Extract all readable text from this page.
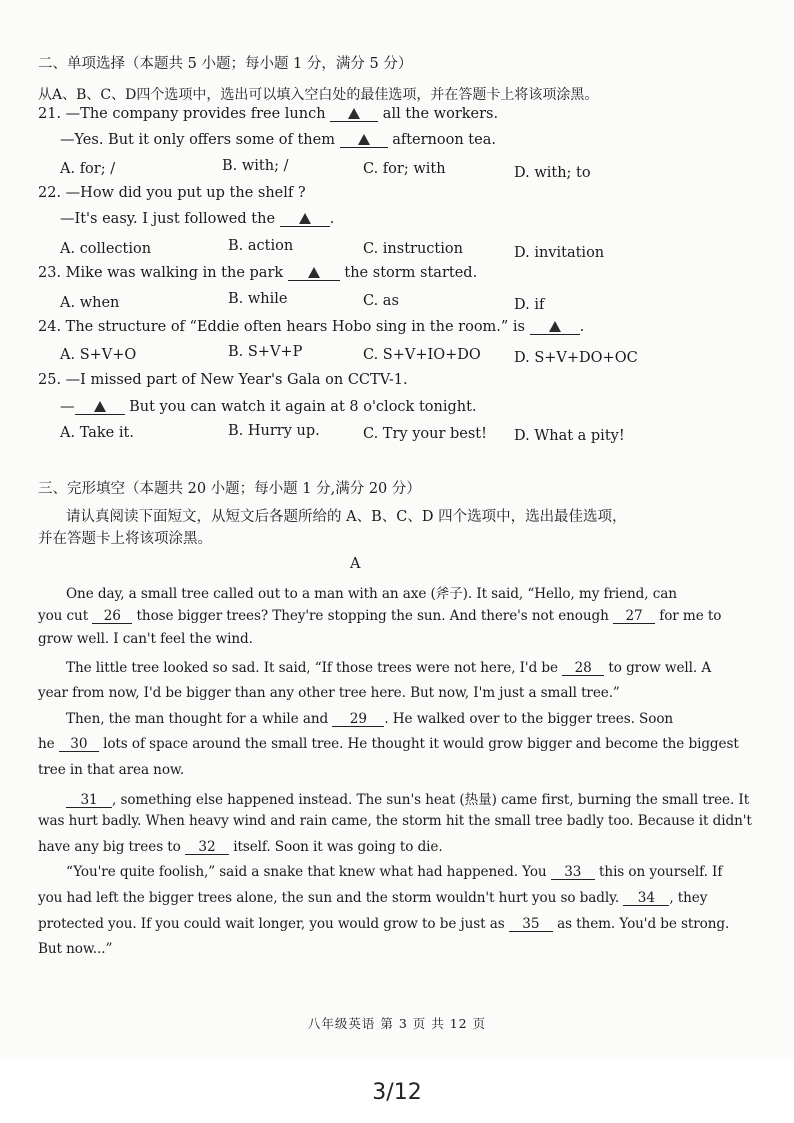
二、单项选择（本题共 5 小题；每小题 1 分，满分 5 分）
从A、B、C、D四个选项中，选出可以填入空白处的最佳选项，并在答题卡上将该项涂黑。
21. —The company provides free lunch	all the workers.
—Yes. But it only offers some of them	afternoon tea.
A. for; /	B. with; /	C. for; with	D. with; to
22. —How did you put up the shelf ?
—It's easy. I just followed the	.
A. collection	B. action	C. instruction	D. invitation
23. Mike was walking in the park	the storm started.
A. when	B. while	C. as	D. if
24. The structure of “Eddie often hears Hobo sing in the room.” is	.
A. S+V+O	B. S+V+P	C. S+V+IO+DO D. S+V+DO+OC
25. —I missed part of New Year's Gala on CCTV-1.
—	But you can watch it again at 8 o'clock tonight.
A. Take it.	B. Hurry up.	C. Try your best! D. What a pity!
三、完形填空（本题共 20 小题；每小题 1 分,满分 20 分）
请认真阅读下面短文，从短文后各题所给的 A、B、C、D 四个选项中，选出最佳选项，
并在答题卡上将该项涂黑。
A
One day, a small tree called out to a man with an axe (斧子). It said, “Hello, my friend, can
you cut 26 those bigger trees? They're stopping the sun. And there's not enough 27 for me to
grow well. I can't feel the wind.
The little tree looked so sad. It said, “If those trees were not here, I'd be 28 to grow well. A
year from now, I'd be bigger than any other tree here. But now, I'm just a small tree.”
Then, the man thought for a while and 29 . He walked over to the bigger trees. Soon
he 30 lots of space around the small tree. He thought it would grow bigger and become the biggest
tree in that area now.
31 , something else happened instead. The sun's heat (热量) came first, burning the small tree. It
was hurt badly. When heavy wind and rain came, the storm hit the small tree badly too. Because it didn't
have any big trees to 32 itself. Soon it was going to die.
“You're quite foolish,” said a snake that knew what had happened. You 33 this on yourself. If
you had left the bigger trees alone, the sun and the storm wouldn't hurt you so badly. 34 , they
protected you. If you could wait longer, you would grow to be just as 35 as them. You'd be strong.
But now...”
八年级英语 第 3 页 共 12 页
3/12
